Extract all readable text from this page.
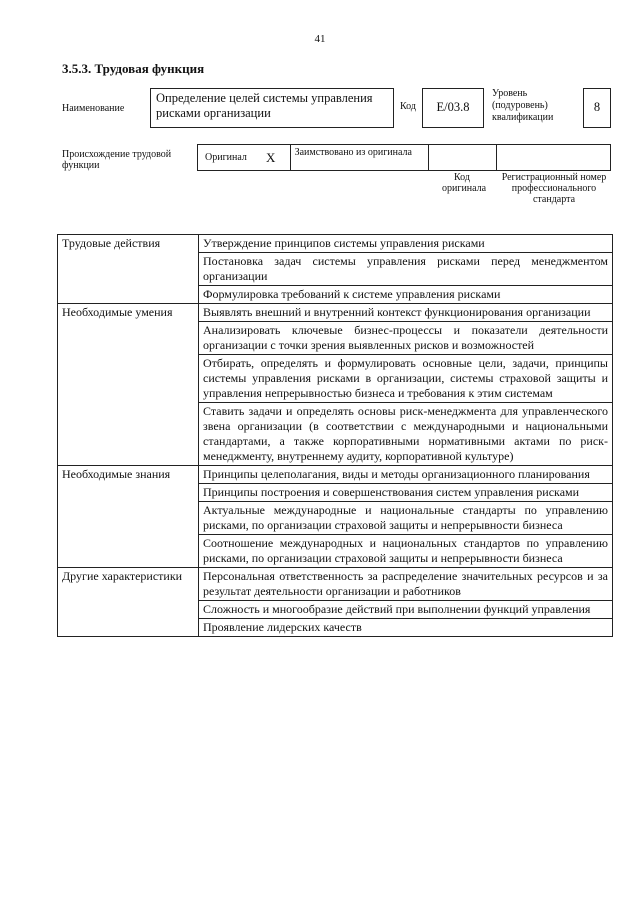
41
3.5.3. Трудовая функция
Наименование
Определение целей системы управления рисками организации	Код	E/03.8
Уровень (подуровень) квалификации
8
Происхождение трудовой функции
Оригинал X	Заимствовано из оригинала
Код оригинала
Регистрационный номер профессионального стандарта
Трудовые действия	Утверждение принципов системы управления рисками
	Постановка задач системы управления рисками перед менеджментом организации
	Формулировка требований к системе управления рисками
Необходимые умения	Выявлять внешний и внутренний контекст функционирования организации
	Анализировать ключевые бизнес-процессы и показатели деятельности организации с точки зрения выявленных рисков и возможностей
	Отбирать, определять и формулировать основные цели, задачи, принципы системы управления рисками в организации, системы страховой защиты и управления непрерывностью бизнеса и требования к этим системам
	Ставить задачи и определять основы риск-менеджмента для управленческого звена организации (в соответствии с международными и национальными стандартами, а также корпоративными нормативными актами по риск-менеджменту, внутреннему аудиту, корпоративной культуре)
Необходимые знания	Принципы целеполагания, виды и методы организационного планирования
	Принципы построения и совершенствования систем управления рисками
	Актуальные международные и национальные стандарты по управлению рисками, по организации страховой защиты и непрерывности бизнеса
	Соотношение международных и национальных стандартов по управлению рисками, по организации страховой защиты и непрерывности бизнеса
Другие характеристики	Персональная ответственность за распределение значительных ресурсов и за результат деятельности организации и работников
	Сложность и многообразие действий при выполнении функций управления
	Проявление лидерских качеств
